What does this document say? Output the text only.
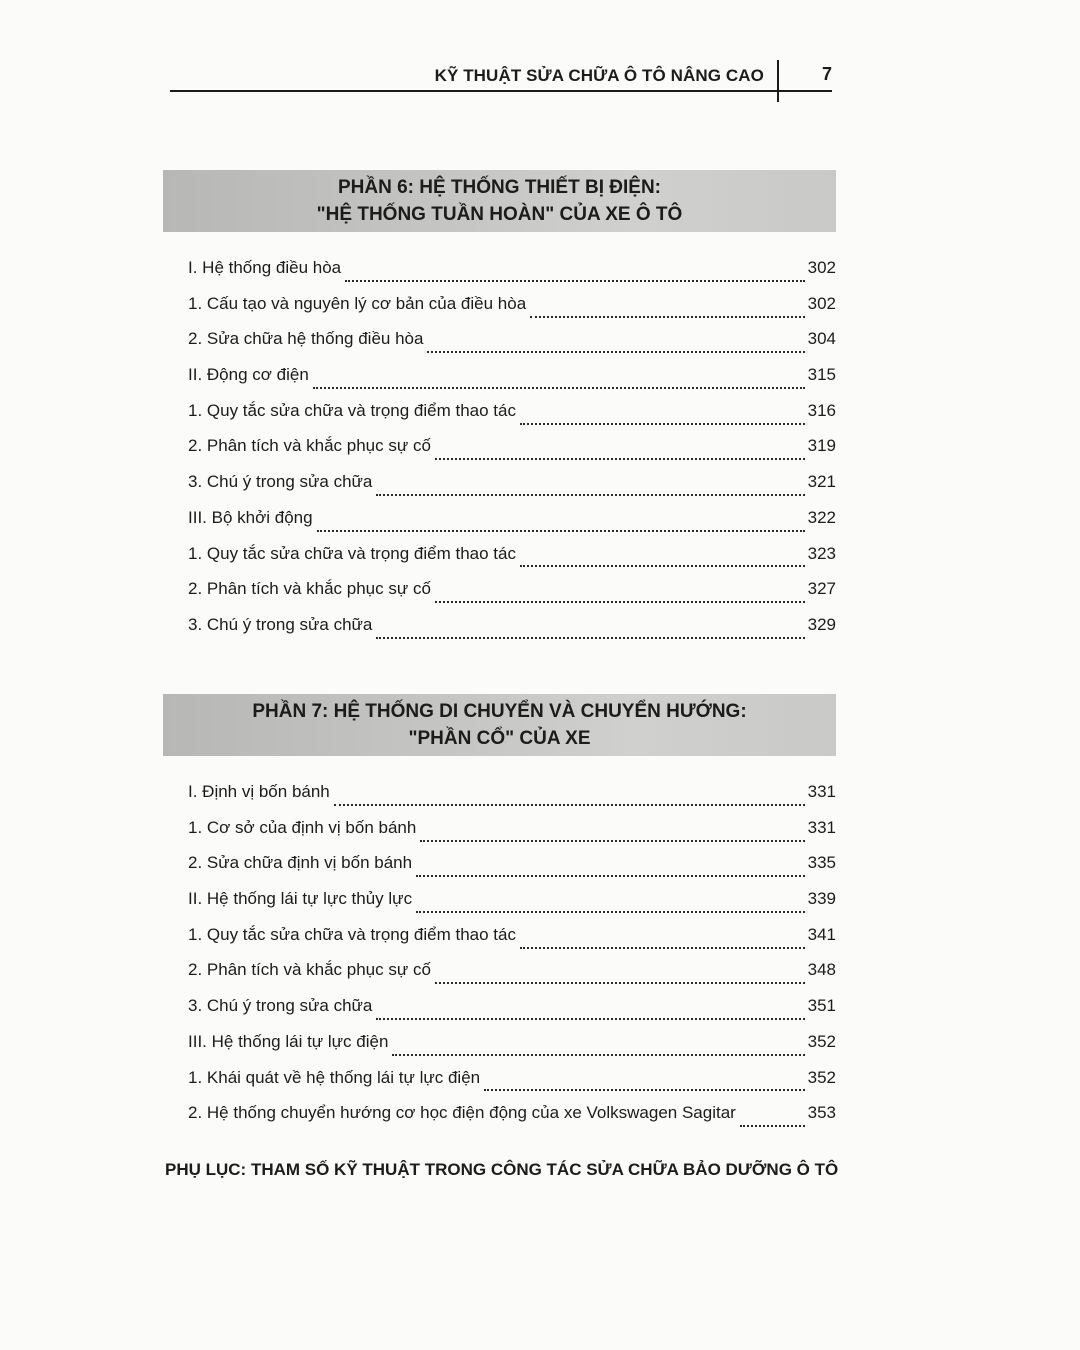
KỸ THUẬT SỬA CHỮA Ô TÔ NÂNG CAO	7
PHẦN 6: HỆ THỐNG THIẾT BỊ ĐIỆN:
"HỆ THỐNG TUẦN HOÀN" CỦA XE Ô TÔ
I. Hệ thống điều hòa	302
1. Cấu tạo và nguyên lý cơ bản của điều hòa	302
2. Sửa chữa hệ thống điều hòa	304
II. Động cơ điện	315
1. Quy tắc sửa chữa và trọng điểm thao tác	316
2. Phân tích và khắc phục sự cố	319
3. Chú ý trong sửa chữa	321
III. Bộ khởi động	322
1. Quy tắc sửa chữa và trọng điểm thao tác	323
2. Phân tích và khắc phục sự cố	327
3. Chú ý trong sửa chữa	329
PHẦN 7: HỆ THỐNG DI CHUYỂN VÀ CHUYỂN HƯỚNG:
"PHẦN CỔ" CỦA XE
I. Định vị bốn bánh	331
1. Cơ sở của định vị bốn bánh	331
2. Sửa chữa định vị bốn bánh	335
II. Hệ thống lái tự lực thủy lực	339
1. Quy tắc sửa chữa và trọng điểm thao tác	341
2. Phân tích và khắc phục sự cố	348
3. Chú ý trong sửa chữa	351
III. Hệ thống lái tự lực điện	352
1. Khái quát về hệ thống lái tự lực điện	352
2. Hệ thống chuyển hướng cơ học điện động của xe Volkswagen Sagitar	353
PHỤ LỤC: THAM SỐ KỸ THUẬT TRONG CÔNG TÁC SỬA CHỮA BẢO DƯỠNG Ô TÔ
